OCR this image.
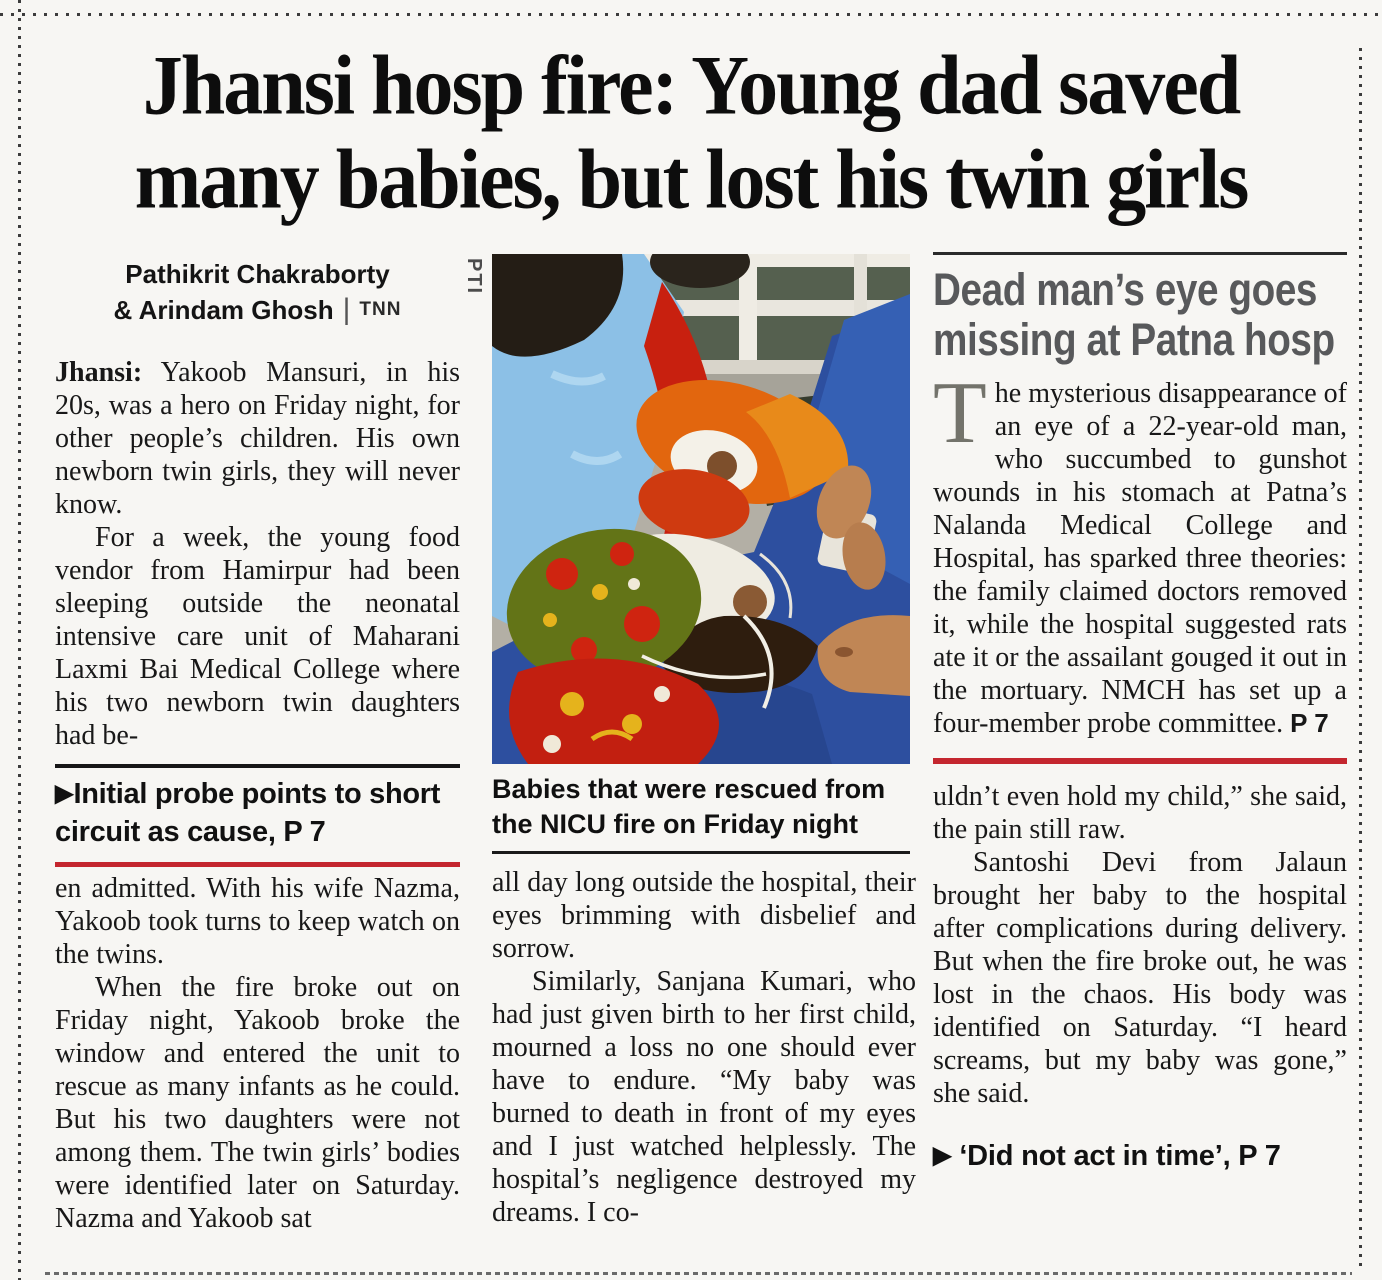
Jhansi hosp fire: Young dad saved
many babies, but lost his twin girls
Pathikrit Chakraborty
& Arindam Ghosh | TNN

Jhansi: Yakoob Mansuri, in his 20s, was a hero on Friday night, for other people’s children. His own newborn twin girls, they will never know.

For a week, the young food vendor from Hamirpur had been sleeping outside the neonatal intensive care unit of Maharani Laxmi Bai Medical College where his two newborn twin daughters had be-

▶Initial probe points to short circuit as cause, P 7

en admitted. With his wife Nazma, Yakoob took turns to keep watch on the twins.

When the fire broke out on Friday night, Yakoob broke the window and entered the unit to rescue as many infants as he could. But his two daughters were not among them. The twin girls’ bodies were identified later on Saturday. Nazma and Yakoob sat

PTI
Babies that were rescued from the NICU fire on Friday night

all day long outside the hospital, their eyes brimming with disbelief and sorrow.

Similarly, Sanjana Kumari, who had just given birth to her first child, mourned a loss no one should ever have to endure. “My baby was burned to death in front of my eyes and I just watched helplessly. The hospital’s negligence destroyed my dreams. I co-

Dead man’s eye goes missing at Patna hosp

The mysterious disappearance of an eye of a 22-year-old man, who succumbed to gunshot wounds in his stomach at Patna’s Nalanda Medical College and Hospital, has sparked three theories: the family claimed doctors removed it, while the hospital suggested rats ate it or the assailant gouged it out in the mortuary. NMCH has set up a four-member probe committee. P 7

uldn’t even hold my child,” she said, the pain still raw.

Santoshi Devi from Jalaun brought her baby to the hospital after complications during delivery. But when the fire broke out, he was lost in the chaos. His body was identified on Saturday. “I heard screams, but my baby was gone,” she said.

▶ ‘Did not act in time’, P 7
